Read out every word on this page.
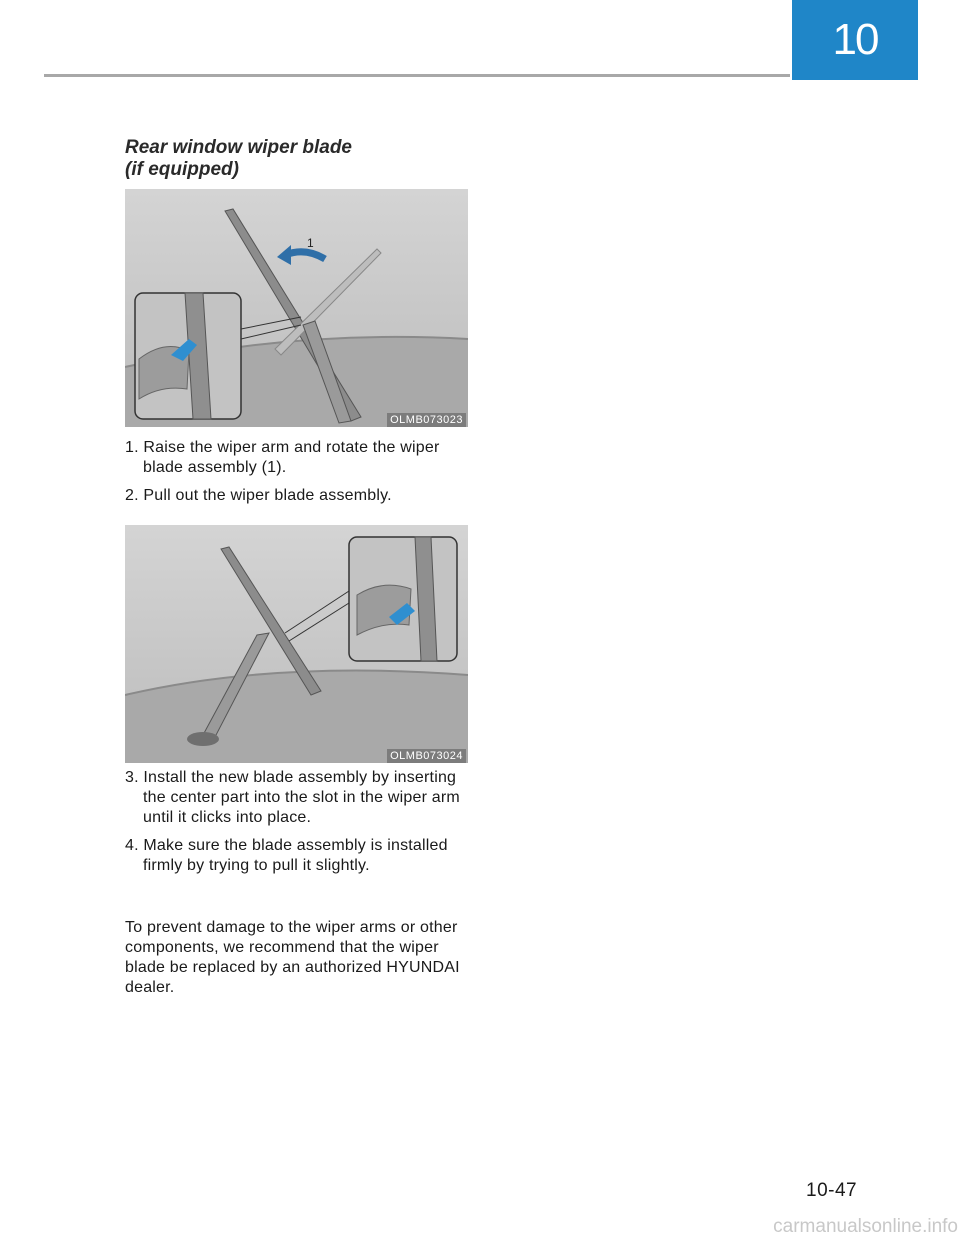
10
Rear window wiper blade
(if equipped)
1
OLMB073023
1. Raise the wiper arm and rotate the wiper blade assembly (1).
2. Pull out the wiper blade assembly.
OLMB073024
3. Install the new blade assembly by inserting the center part into the slot in the wiper arm until it clicks into place.
4. Make sure the blade assembly is installed firmly by trying to pull it slightly.

To prevent damage to the wiper arms or other components, we recommend that the wiper blade be replaced by an authorized HYUNDAI dealer.

10-47
carmanualsonline.info
